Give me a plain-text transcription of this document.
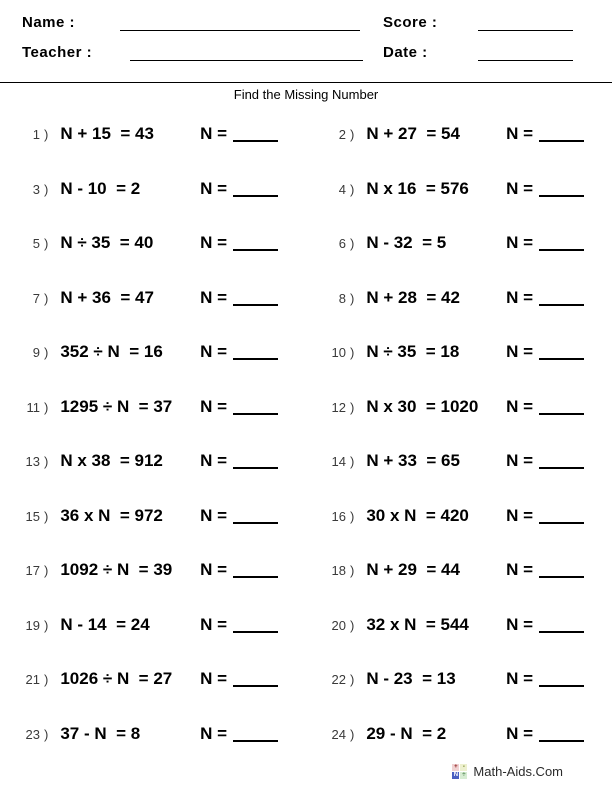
Name :	Score :
Teacher :	Date :
Find the Missing Number
1 ) N + 15  = 43	N =	2 ) N + 27  = 54	N =
3 ) N - 10  = 2	N =	4 ) N x 16  = 576	N =
5 ) N ÷ 35  = 40	N =	6 ) N - 32  = 5	N =
7 ) N + 36  = 47	N =	8 ) N + 28  = 42	N =
9 ) 352 ÷ N  = 16	N =	10 ) N ÷ 35  = 18	N =
11 ) 1295 ÷ N  = 37	N =	12 ) N x 30  = 1020	N =
13 ) N x 38  = 912	N =	14 ) N + 33  = 65	N =
15 ) 36 x N  = 972	N =	16 ) 30 x N  = 420	N =
17 ) 1092 ÷ N  = 39	N =	18 ) N + 29  = 44	N =
19 ) N - 14  = 24	N =	20 ) 32 x N  = 544	N =
21 ) 1026 ÷ N  = 27	N =	22 ) N - 23  = 13	N =
23 ) 37 - N  = 8	N =	24 ) 29 - N  = 2	N =
+ -
N ÷ Math-Aids.Com
